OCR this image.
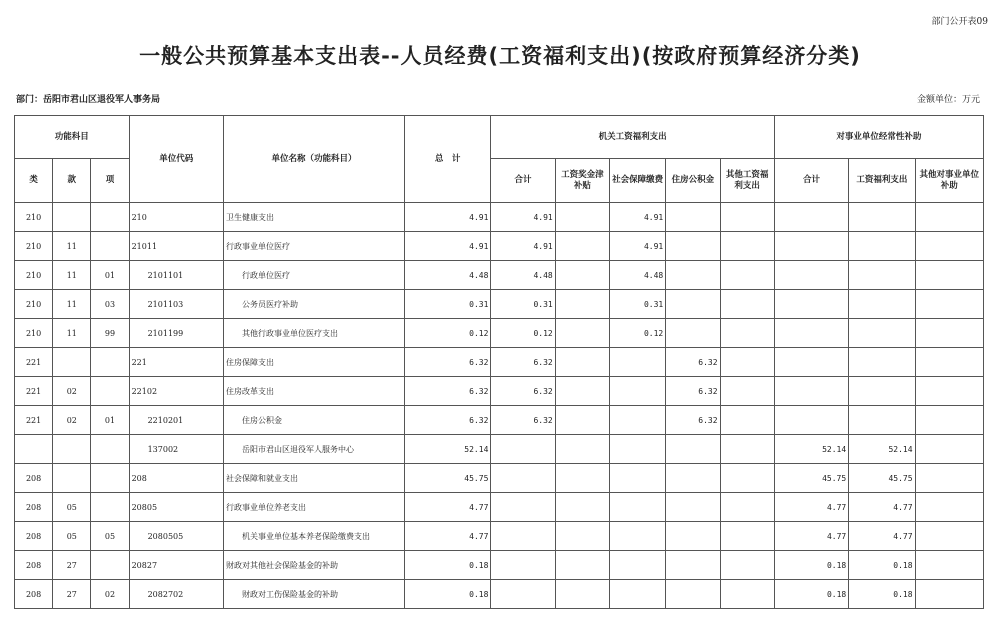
部门公开表09
一般公共预算基本支出表--人员经费(工资福利支出)(按政府预算经济分类)
部门：岳阳市君山区退役军人事务局	金额单位：万元
功能科目			单位代码	单位名称（功能科目）	总　计	机关工资福利支出					对事业单位经常性补助		
类	款	项				合计	工资奖金津补贴	社会保障缴费	住房公积金	其他工资福利支出	合计	工资福利支出	其他对事业单位补助
210			210	卫生健康支出	4.91	4.91		4.91					
210	11		21011	行政事业单位医疗	4.91	4.91		4.91					
210	11	01	2101101	行政单位医疗	4.48	4.48		4.48					
210	11	03	2101103	公务员医疗补助	0.31	0.31		0.31					
210	11	99	2101199	其他行政事业单位医疗支出	0.12	0.12		0.12					
221			221	住房保障支出	6.32	6.32			6.32				
221	02		22102	住房改革支出	6.32	6.32			6.32				
221	02	01	2210201	住房公积金	6.32	6.32			6.32				
			137002	岳阳市君山区退役军人服务中心	52.14						52.14	52.14	
208			208	社会保障和就业支出	45.75						45.75	45.75	
208	05		20805	行政事业单位养老支出	4.77						4.77	4.77	
208	05	05	2080505	机关事业单位基本养老保险缴费支出	4.77						4.77	4.77	
208	27		20827	财政对其他社会保险基金的补助	0.18						0.18	0.18	
208	27	02	2082702	财政对工伤保险基金的补助	0.18						0.18	0.18	
